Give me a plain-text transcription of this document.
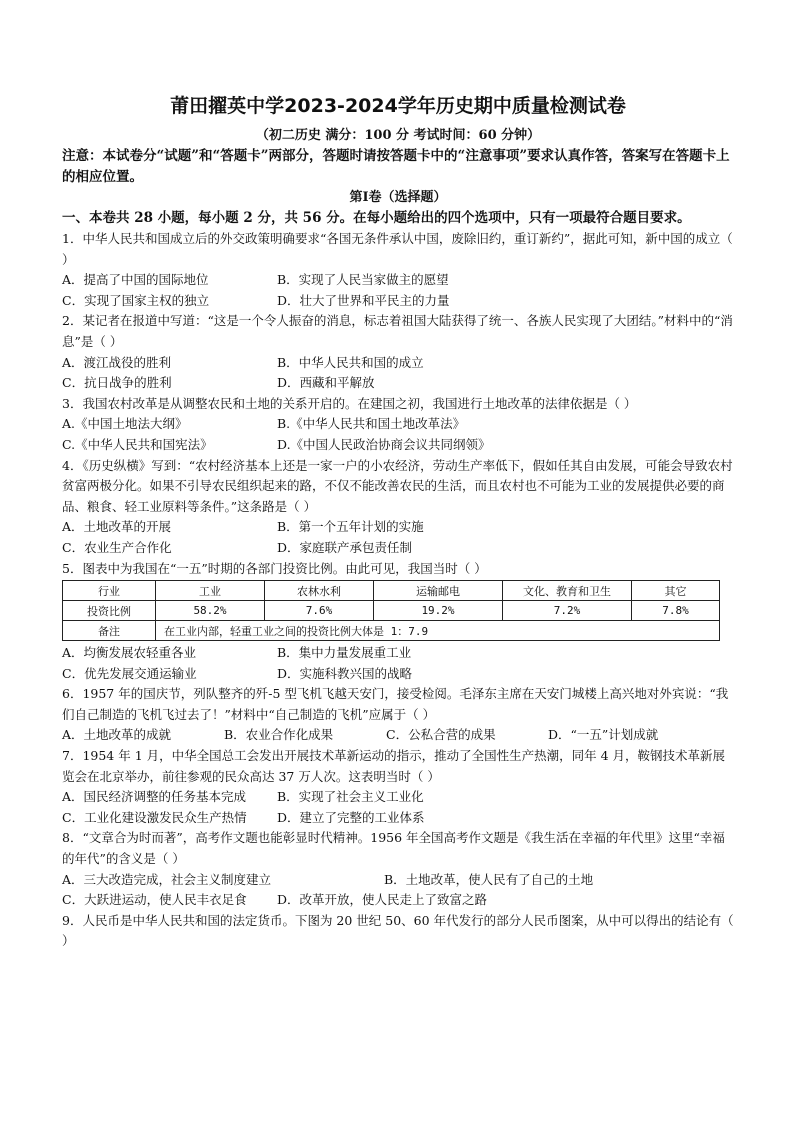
莆田擢英中学2023-2024学年历史期中质量检测试卷
（初二历史 满分：100 分 考试时间：60 分钟）
注意：本试卷分“试题”和“答题卡”两部分，答题时请按答题卡中的“注意事项”要求认真作答，答案写在答题卡上的相应位置。
第Ⅰ卷（选择题）
一、本卷共 28 小题，每小题 2 分，共 56 分。在每小题给出的四个选项中，只有一项最符合题目要求。
1．中华人民共和国成立后的外交政策明确要求“各国无条件承认中国，废除旧约，重订新约”，据此可知，新中国的成立（ ）
A．提高了中国的国际地位	B．实现了人民当家做主的愿望
C．实现了国家主权的独立	D．壮大了世界和平民主的力量
2．某记者在报道中写道：“这是一个令人振奋的消息，标志着祖国大陆获得了统一、各族人民实现了大团结。”材料中的“消息”是（ ）
A．渡江战役的胜利	B．中华人民共和国的成立
C．抗日战争的胜利	D．西藏和平解放
3．我国农村改革是从调整农民和土地的关系开启的。在建国之初，我国进行土地改革的法律依据是（ ）
A.《中国土地法大纲》	B.《中华人民共和国土地改革法》
C.《中华人民共和国宪法》	D.《中国人民政治协商会议共同纲领》
4．《历史纵横》写到：“农村经济基本上还是一家一户的小农经济，劳动生产率低下，假如任其自由发展，可能会导致农村贫富两极分化。如果不引导农民组织起来的路，不仅不能改善农民的生活，而且农村也不可能为工业的发展提供必要的商品、粮食、轻工业原料等条件。”这条路是（ ）
A．土地改革的开展	B．第一个五年计划的实施
C．农业生产合作化	D．家庭联产承包责任制
5．图表中为我国在“一五”时期的各部门投资比例。由此可见，我国当时（ ）
行业	工业	农林水利	运输邮电	文化、教育和卫生	其它
投资比例	58.2%	7.6%	19.2%	7.2%	7.8%
备注	在工业内部，轻重工业之间的投资比例大体是 1：7.9				
A．均衡发展农轻重各业	B．集中力量发展重工业
C．优先发展交通运输业	D．实施科教兴国的战略
6．1957 年的国庆节，列队整齐的歼-5 型飞机飞越天安门，接受检阅。毛泽东主席在天安门城楼上高兴地对外宾说：“我们自己制造的飞机飞过去了！”材料中“自己制造的飞机”应属于（ ）
A．土地改革的成就	B．农业合作化成果	C．公私合营的成果	D．“一五”计划成就
7．1954 年 1 月，中华全国总工会发出开展技术革新运动的指示，推动了全国性生产热潮，同年 4 月，鞍钢技术革新展览会在北京举办，前往参观的民众高达 37 万人次。这表明当时（ ）
A．国民经济调整的任务基本完成	B．实现了社会主义工业化
C．工业化建设激发民众生产热情	D．建立了完整的工业体系
8．“文章合为时而著”，高考作文题也能彰显时代精神。1956 年全国高考作文题是《我生活在幸福的年代里》这里“幸福的年代”的含义是（ ）
A．三大改造完成，社会主义制度建立	B．土地改革，使人民有了自己的土地
C．大跃进运动，使人民丰衣足食	D．改革开放，使人民走上了致富之路
9．人民币是中华人民共和国的法定货币。下图为 20 世纪 50、60 年代发行的部分人民币图案，从中可以得出的结论有（ ）
